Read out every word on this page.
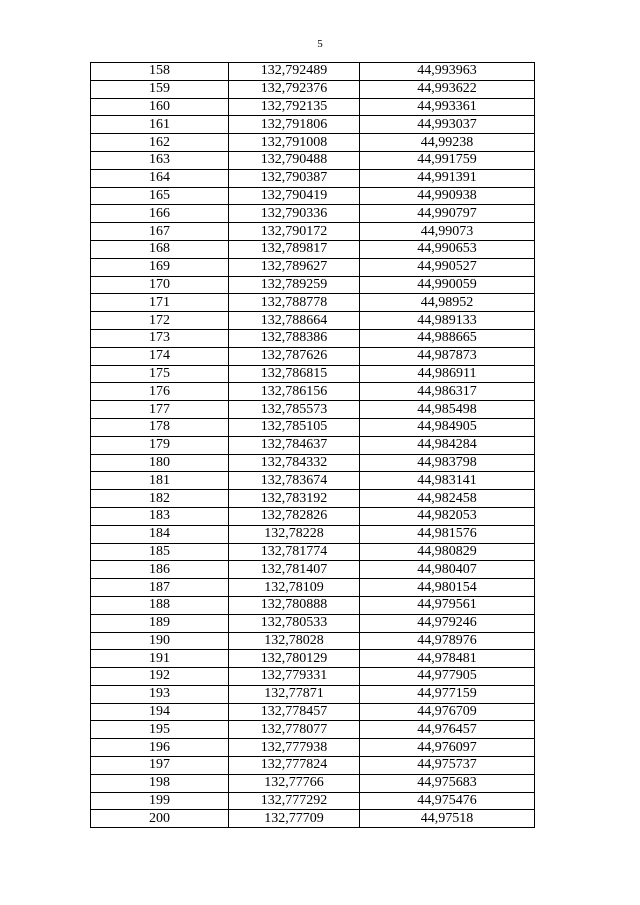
5
158	132,792489	44,993963
159	132,792376	44,993622
160	132,792135	44,993361
161	132,791806	44,993037
162	132,791008	44,99238
163	132,790488	44,991759
164	132,790387	44,991391
165	132,790419	44,990938
166	132,790336	44,990797
167	132,790172	44,99073
168	132,789817	44,990653
169	132,789627	44,990527
170	132,789259	44,990059
171	132,788778	44,98952
172	132,788664	44,989133
173	132,788386	44,988665
174	132,787626	44,987873
175	132,786815	44,986911
176	132,786156	44,986317
177	132,785573	44,985498
178	132,785105	44,984905
179	132,784637	44,984284
180	132,784332	44,983798
181	132,783674	44,983141
182	132,783192	44,982458
183	132,782826	44,982053
184	132,78228	44,981576
185	132,781774	44,980829
186	132,781407	44,980407
187	132,78109	44,980154
188	132,780888	44,979561
189	132,780533	44,979246
190	132,78028	44,978976
191	132,780129	44,978481
192	132,779331	44,977905
193	132,77871	44,977159
194	132,778457	44,976709
195	132,778077	44,976457
196	132,777938	44,976097
197	132,777824	44,975737
198	132,77766	44,975683
199	132,777292	44,975476
200	132,77709	44,97518
